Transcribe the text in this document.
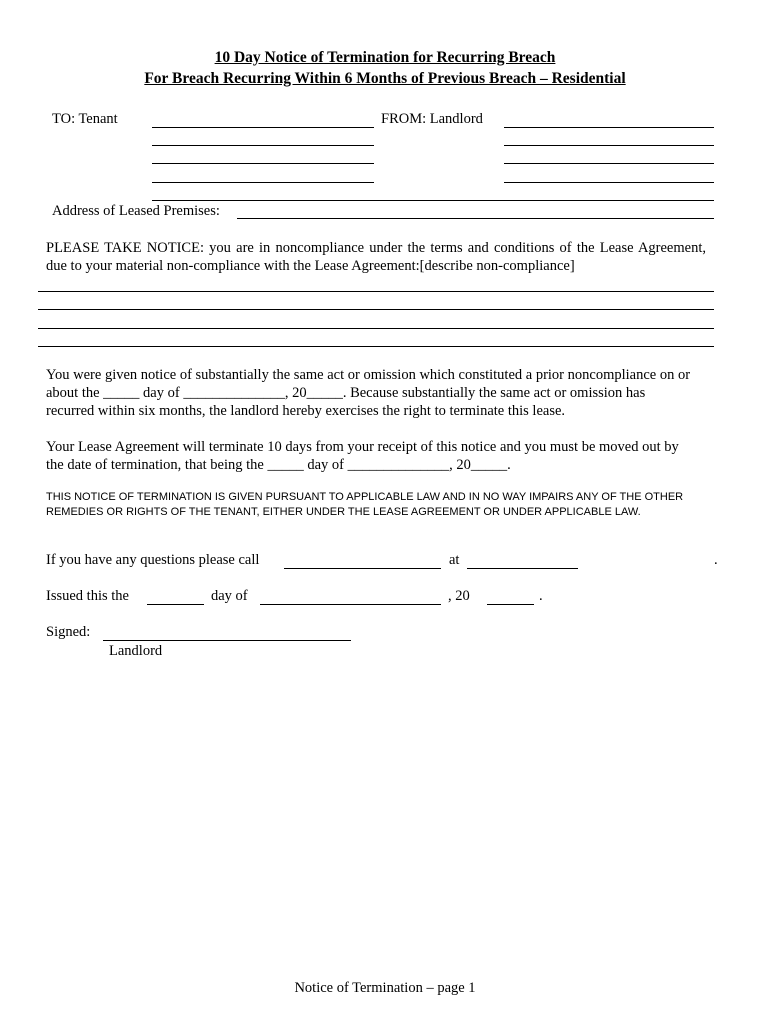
10 Day Notice of Termination for Recurring Breach
For Breach Recurring Within 6 Months of Previous Breach – Residential
TO: Tenant	FROM: Landlord
Address of Leased Premises:
PLEASE TAKE NOTICE: you are in noncompliance under the terms and conditions of the Lease Agreement, due to your material non-compliance with the Lease Agreement:[describe non-compliance]
You were given notice of substantially the same act or omission which constituted a prior noncompliance on or
about the _____ day of ______________, 20_____. Because substantially the same act or omission has
recurred within six months, the landlord hereby exercises the right to terminate this lease.
Your Lease Agreement will terminate 10 days from your receipt of this notice and you must be moved out by
the date of termination, that being the _____ day of ______________, 20_____.
THIS NOTICE OF TERMINATION IS GIVEN PURSUANT TO APPLICABLE LAW AND IN NO WAY IMPAIRS ANY OF THE OTHER REMEDIES OR RIGHTS OF THE TENANT, EITHER UNDER THE LEASE AGREEMENT OR UNDER APPLICABLE LAW.
If you have any questions please call	at	.
Issued this the	day of	, 20	.
Signed:
Landlord
Notice of Termination – page 1
